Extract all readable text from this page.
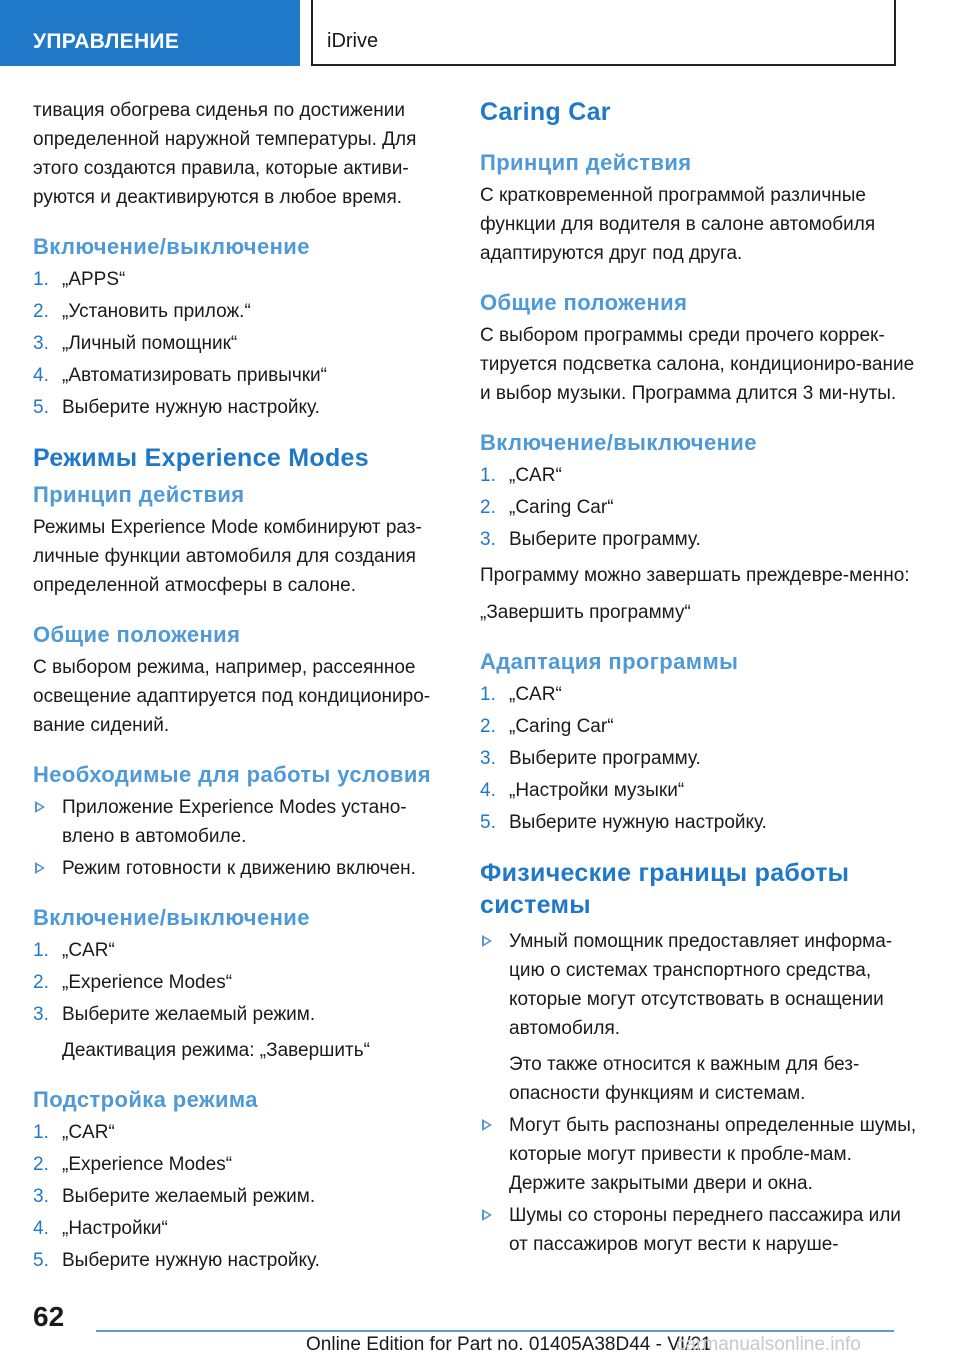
УПРАВЛЕНИЕ	iDrive

тивация обогрева сиденья по достижении определенной наружной температуры. Для этого создаются правила, которые активи-руются и деактивируются в любое время.

Включение/выключение
1. „APPS“
2. „Установить прилож.“
3. „Личный помощник“
4. „Автоматизировать привычки“
5. Выберите нужную настройку.
Режимы Experience Modes
Принцип действия

Режимы Experience Mode комбинируют раз-личные функции автомобиля для создания определенной атмосферы в салоне.

Общие положения

С выбором режима, например, рассеянное освещение адаптируется под кондициониро-вание сидений.

Необходимые для работы условия
Приложение Experience Modes устано-влено в автомобиле.
Режим готовности к движению включен.
Включение/выключение
1. „CAR“
2. „Experience Modes“
3. Выберите желаемый режим.

Деактивация режима: „Завершить“

Подстройка режима
1. „CAR“
2. „Experience Modes“
3. Выберите желаемый режим.
4. „Настройки“
5. Выберите нужную настройку.
Caring Car
Принцип действия

С кратковременной программой различные функции для водителя в салоне автомобиля адаптируются друг под друга.

Общие положения

С выбором программы среди прочего коррек-тируется подсветка салона, кондициониро-вание и выбор музыки. Программа длится 3 ми-нуты.

Включение/выключение
1. „CAR“
2. „Caring Car“
3. Выберите программу.

Программу можно завершать преждевре-менно:

„Завершить программу“

Адаптация программы
1. „CAR“
2. „Caring Car“
3. Выберите программу.
4. „Настройки музыки“
5. Выберите нужную настройку.
Физические границы работы системы
Умный помощник предоставляет информа-цию о системах транспортного средства, которые могут отсутствовать в оснащении автомобиля.
Это также относится к важным для без-опасности функциям и системам.
Могут быть распознаны определенные шумы, которые могут привести к пробле-мам. Держите закрытыми двери и окна.
Шумы со стороны переднего пассажира или от пассажиров могут вести к наруше-
62
Online Edition for Part no. 01405A38D44 - VI/21
carmanualsonline.info
